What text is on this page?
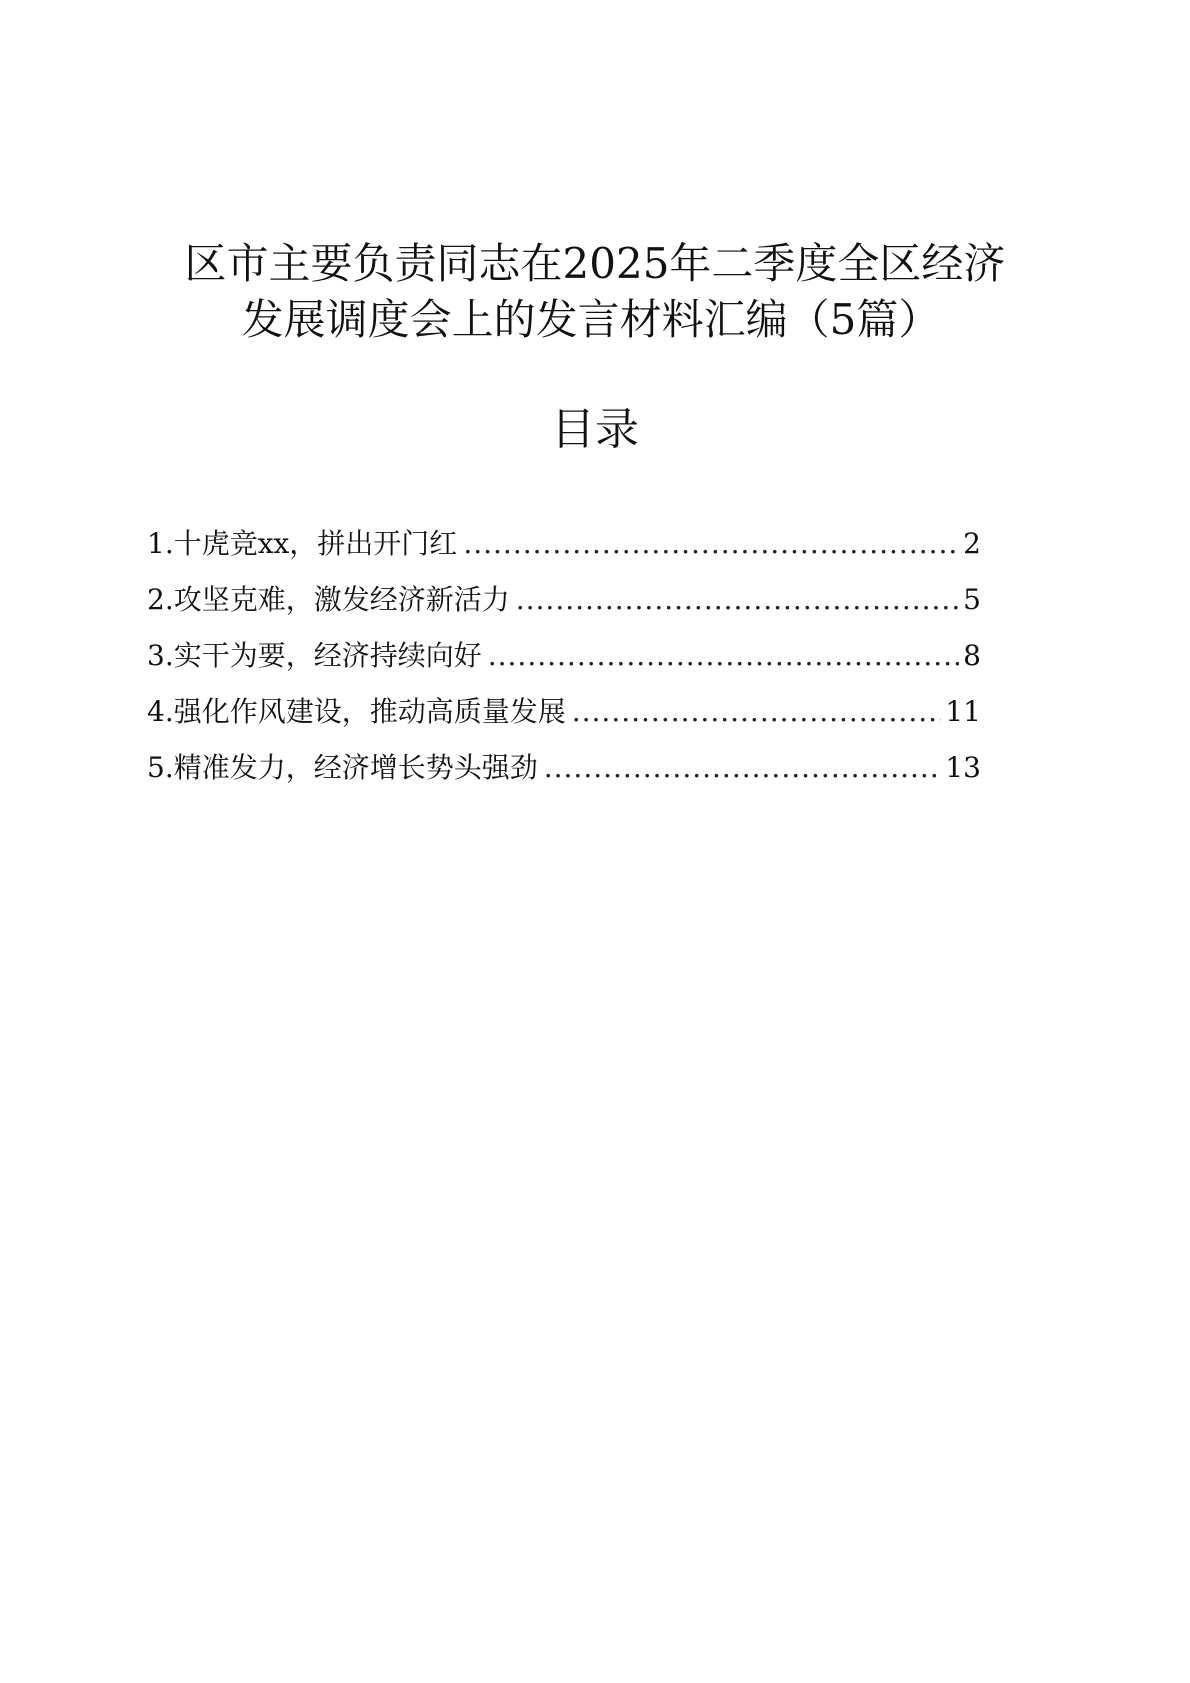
区市主要负责同志在2025年二季度全区经济
发展调度会上的发言材料汇编（5篇）
目录
1.十虎竞xx，拼出开门红 .....	2
2.攻坚克难，激发经济新活力 .....	5
3.实干为要，经济持续向好 .....	8
4.强化作风建设，推动高质量发展 .....	11
5.精准发力，经济增长势头强劲 .....	13
